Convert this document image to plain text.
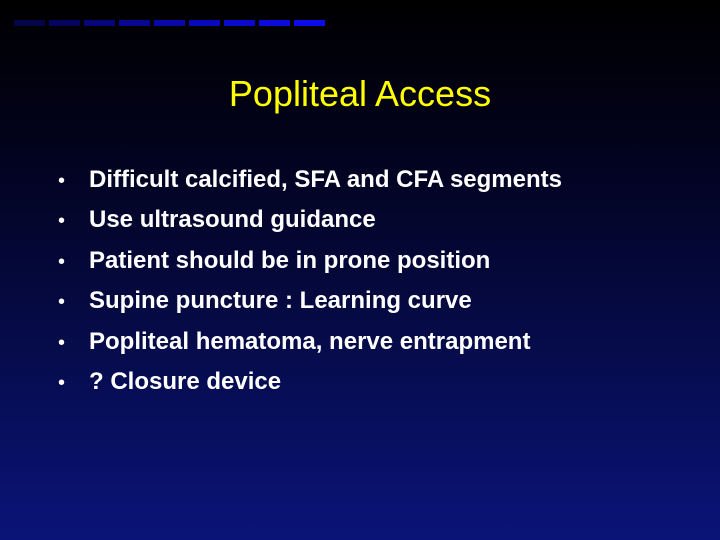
Popliteal Access
• Difficult calcified, SFA and CFA segments
• Use ultrasound guidance
• Patient should be in prone position
• Supine puncture : Learning curve
• Popliteal hematoma, nerve entrapment
• ? Closure device
